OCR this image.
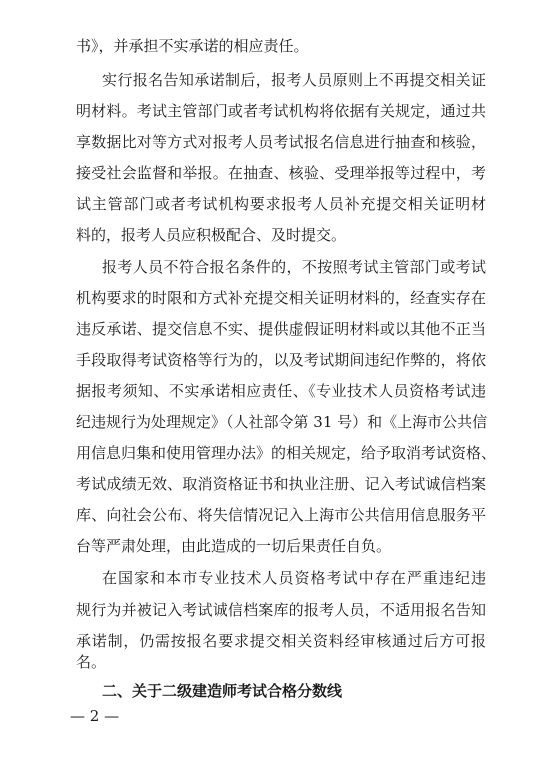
书》，并承担不实承诺的相应责任。
实行报名告知承诺制后，报考人员原则上不再提交相关证
明材料。考试主管部门或者考试机构将依据有关规定，通过共
享数据比对等方式对报考人员考试报名信息进行抽查和核验，
接受社会监督和举报。在抽查、核验、受理举报等过程中，考
试主管部门或者考试机构要求报考人员补充提交相关证明材
料的，报考人员应积极配合、及时提交。
报考人员不符合报名条件的，不按照考试主管部门或考试
机构要求的时限和方式补充提交相关证明材料的，经查实存在
违反承诺、提交信息不实、提供虚假证明材料或以其他不正当
手段取得考试资格等行为的，以及考试期间违纪作弊的，将依
据报考须知、不实承诺相应责任、《专业技术人员资格考试违
纪违规行为处理规定》（人社部令第 31 号）和《上海市公共信
用信息归集和使用管理办法》的相关规定，给予取消考试资格、
考试成绩无效、取消资格证书和执业注册、记入考试诚信档案
库、向社会公布、将失信情况记入上海市公共信用信息服务平
台等严肃处理，由此造成的一切后果责任自负。
在国家和本市专业技术人员资格考试中存在严重违纪违
规行为并被记入考试诚信档案库的报考人员，不适用报名告知
承诺制，仍需按报名要求提交相关资料经审核通过后方可报
名。
二、关于二级建造师考试合格分数线
— 2 —
